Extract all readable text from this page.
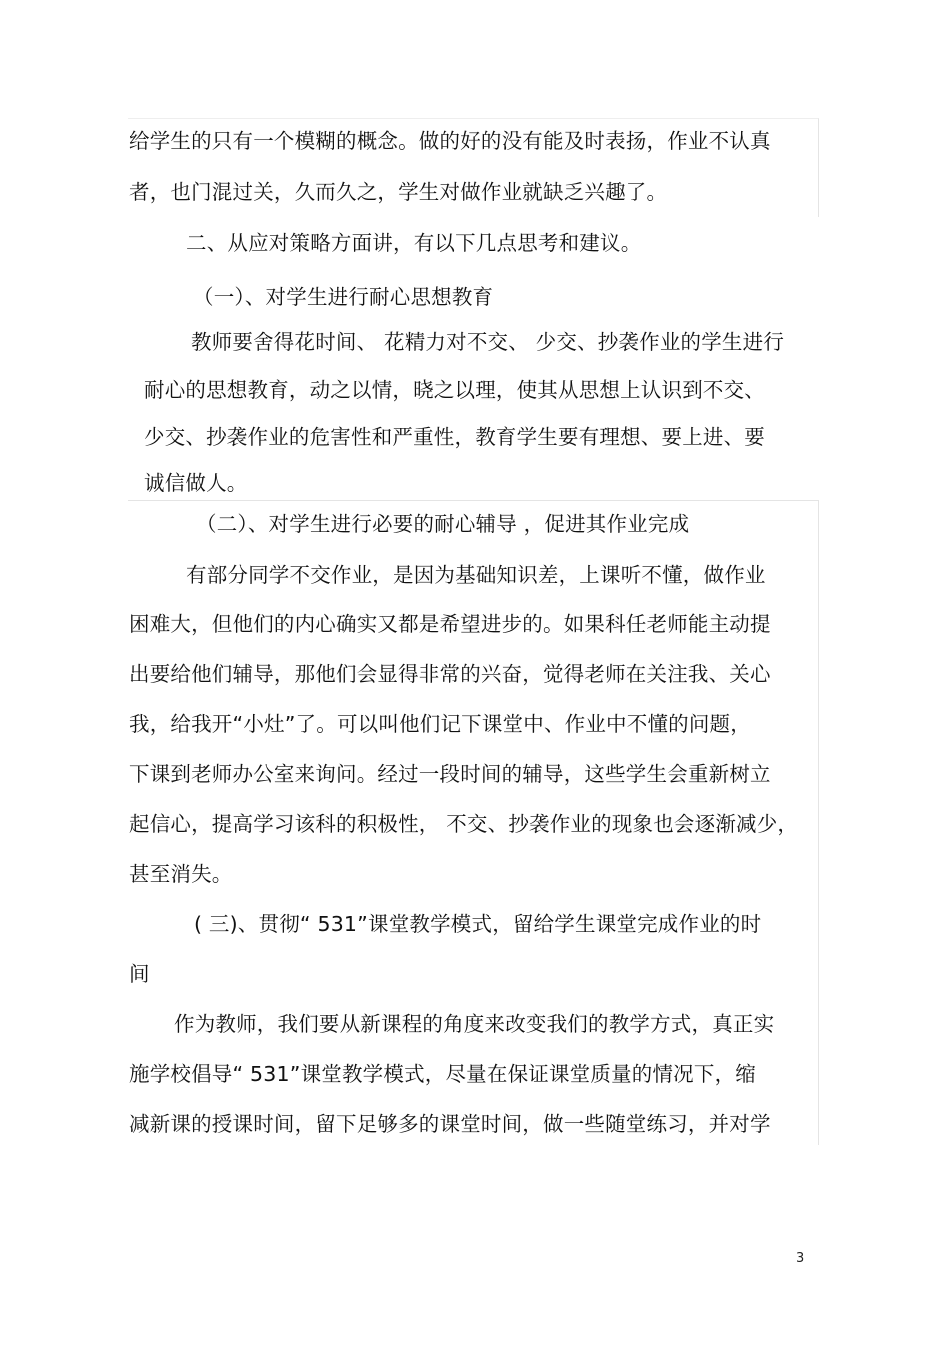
给学生的只有一个模糊的概念。做的好的没有能及时表扬，作业不认真
者，也门混过关，久而久之，学生对做作业就缺乏兴趣了。
二、从应对策略方面讲，有以下几点思考和建议。
（一）、对学生进行耐心思想教育
教师要舍得花时间、 花精力对不交、 少交、抄袭作业的学生进行
耐心的思想教育，动之以情，晓之以理，使其从思想上认识到不交、
少交、抄袭作业的危害性和严重性，教育学生要有理想、要上进、要
诚信做人。
（二）、对学生进行必要的耐心辅导 ，促进其作业完成
有部分同学不交作业，是因为基础知识差，上课听不懂，做作业
困难大，但他们的内心确实又都是希望进步的。如果科任老师能主动提
出要给他们辅导，那他们会显得非常的兴奋，觉得老师在关注我、关心
我，给我开“小灶”了。可以叫他们记下课堂中、作业中不懂的问题，
下课到老师办公室来询问。经过一段时间的辅导，这些学生会重新树立
起信心，提高学习该科的积极性， 不交、抄袭作业的现象也会逐渐减少，
甚至消失。
( 三)、贯彻“ 531”课堂教学模式，留给学生课堂完成作业的时
间
作为教师，我们要从新课程的角度来改变我们的教学方式，真正实
施学校倡导“ 531”课堂教学模式，尽量在保证课堂质量的情况下，缩
减新课的授课时间，留下足够多的课堂时间，做一些随堂练习，并对学
3
